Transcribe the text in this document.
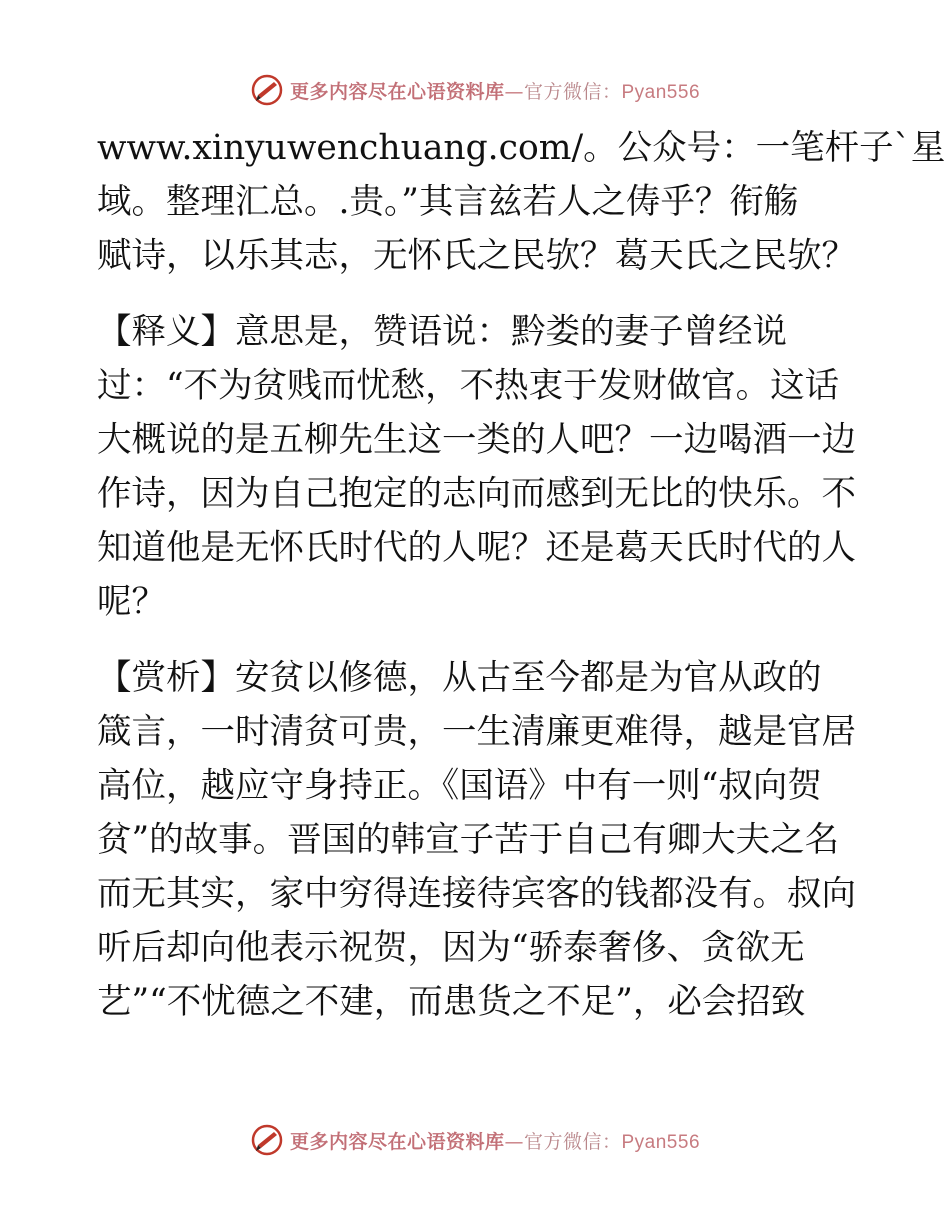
更多内容尽在心语资料库—官方微信：Pyan556
www.xinyuwenchuang.com/。公众号：一笔杆子`星
域。整理汇总。.贵。”其言兹若人之俦乎？衔觞
赋诗，以乐其志，无怀氏之民欤？葛天氏之民欤？
【释义】意思是，赞语说：黔娄的妻子曾经说
过：“不为贫贱而忧愁，不热衷于发财做官。这话
大概说的是五柳先生这一类的人吧？一边喝酒一边
作诗，因为自己抱定的志向而感到无比的快乐。不
知道他是无怀氏时代的人呢？还是葛天氏时代的人
呢？
【赏析】安贫以修德，从古至今都是为官从政的
箴言，一时清贫可贵，一生清廉更难得，越是官居
高位，越应守身持正。《国语》中有一则“叔向贺
贫”的故事。晋国的韩宣子苦于自己有卿大夫之名
而无其实，家中穷得连接待宾客的钱都没有。叔向
听后却向他表示祝贺，因为“骄泰奢侈、贪欲无
艺”“不忧德之不建，而患货之不足”，必会招致
更多内容尽在心语资料库—官方微信：Pyan556
